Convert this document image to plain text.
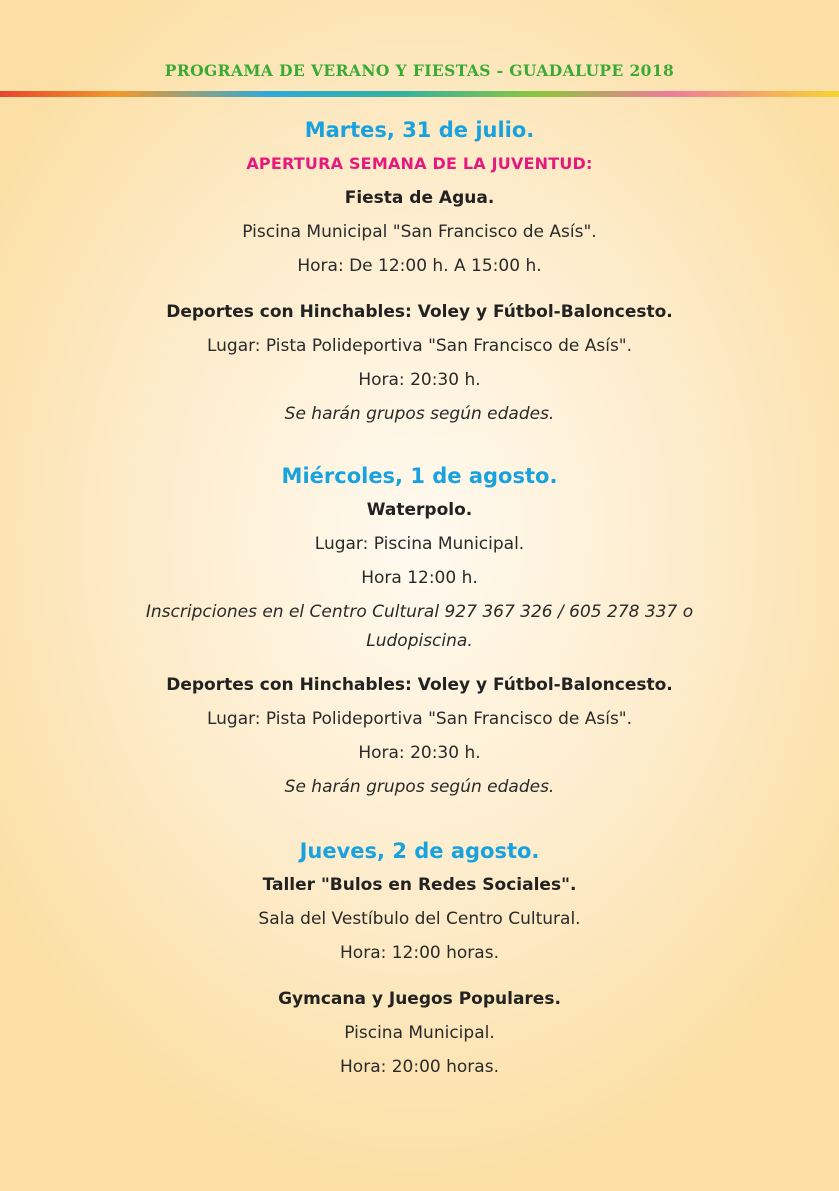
PROGRAMA DE VERANO Y FIESTAS - GUADALUPE 2018
Martes, 31 de julio.
APERTURA SEMANA DE LA JUVENTUD:
Fiesta de Agua.
Piscina Municipal "San Francisco de Asís".
Hora: De 12:00 h. A 15:00 h.
Deportes con Hinchables: Voley y Fútbol-Baloncesto.
Lugar: Pista Polideportiva "San Francisco de Asís".
Hora: 20:30 h.
Se harán grupos según edades.
Miércoles, 1 de agosto.
Waterpolo.
Lugar: Piscina Municipal.
Hora 12:00 h.
Inscripciones en el Centro Cultural 927 367 326 / 605 278 337 o Ludopiscina.
Deportes con Hinchables: Voley y Fútbol-Baloncesto.
Lugar: Pista Polideportiva "San Francisco de Asís".
Hora: 20:30 h.
Se harán grupos según edades.
Jueves, 2 de agosto.
Taller "Bulos en Redes Sociales".
Sala del Vestíbulo del Centro Cultural.
Hora: 12:00 horas.
Gymcana y Juegos Populares.
Piscina Municipal.
Hora: 20:00 horas.
